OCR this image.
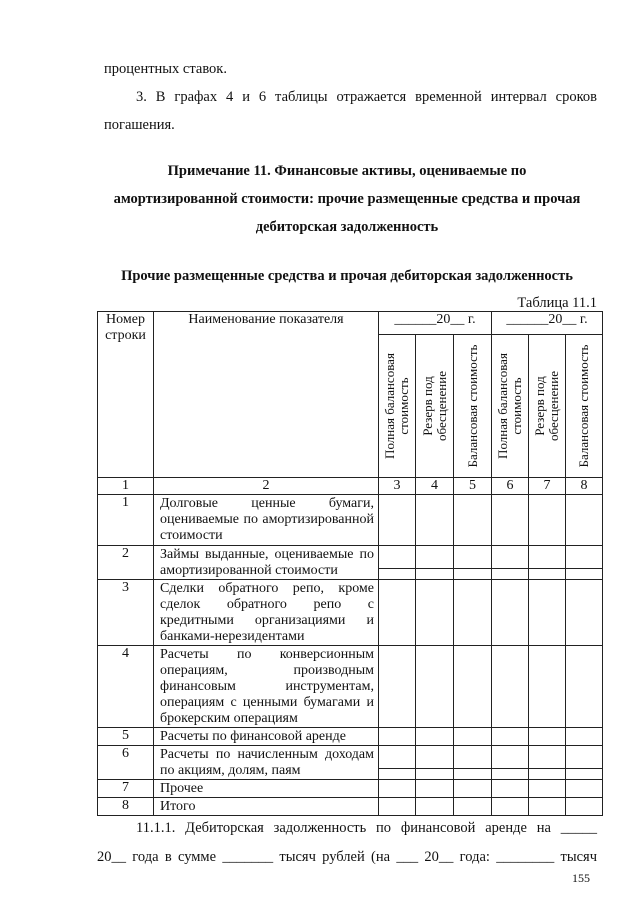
процентных ставок.
3. В графах 4 и 6 таблицы отражается временной интервал сроков
погашения.
Примечание 11. Финансовые активы, оцениваемые по
амортизированной стоимости: прочие размещенные средства и прочая
дебиторская задолженность
Прочие размещенные средства и прочая дебиторская задолженность
Таблица 11.1
Номер строки	Наименование показателя	______20__ г.			______20__ г.		

		Полная балансовая стоимость	Резерв под обесценение	Балансовая стоимость	Полная балансовая стоимость	Резерв под обесценение	Балансовая стоимость

1	2	3	4	5	6	7	8
1	Долговые ценные бумаги,
оцениваемые по амортизированной
стоимости						
2	Займы выданные, оцениваемые по
амортизированной стоимости	

3	Сделки обратного репо, кроме
сделок обратного репо с
кредитными организациями и
банками-нерезидентами						
4	Расчеты по конверсионным
операциям, производным
финансовым инструментам,
операциям с ценными бумагами и
брокерским операциям						
5	Расчеты по финансовой аренде						
6	Расчеты по начисленным доходам
по акциям, долям, паям	

7	Прочее						
8	Итого						
11.1.1. Дебиторская задолженность по финансовой аренде на _____
20__ года в сумме _______ тысяч рублей (на ___ 20__ года: ________ тысяч
155
